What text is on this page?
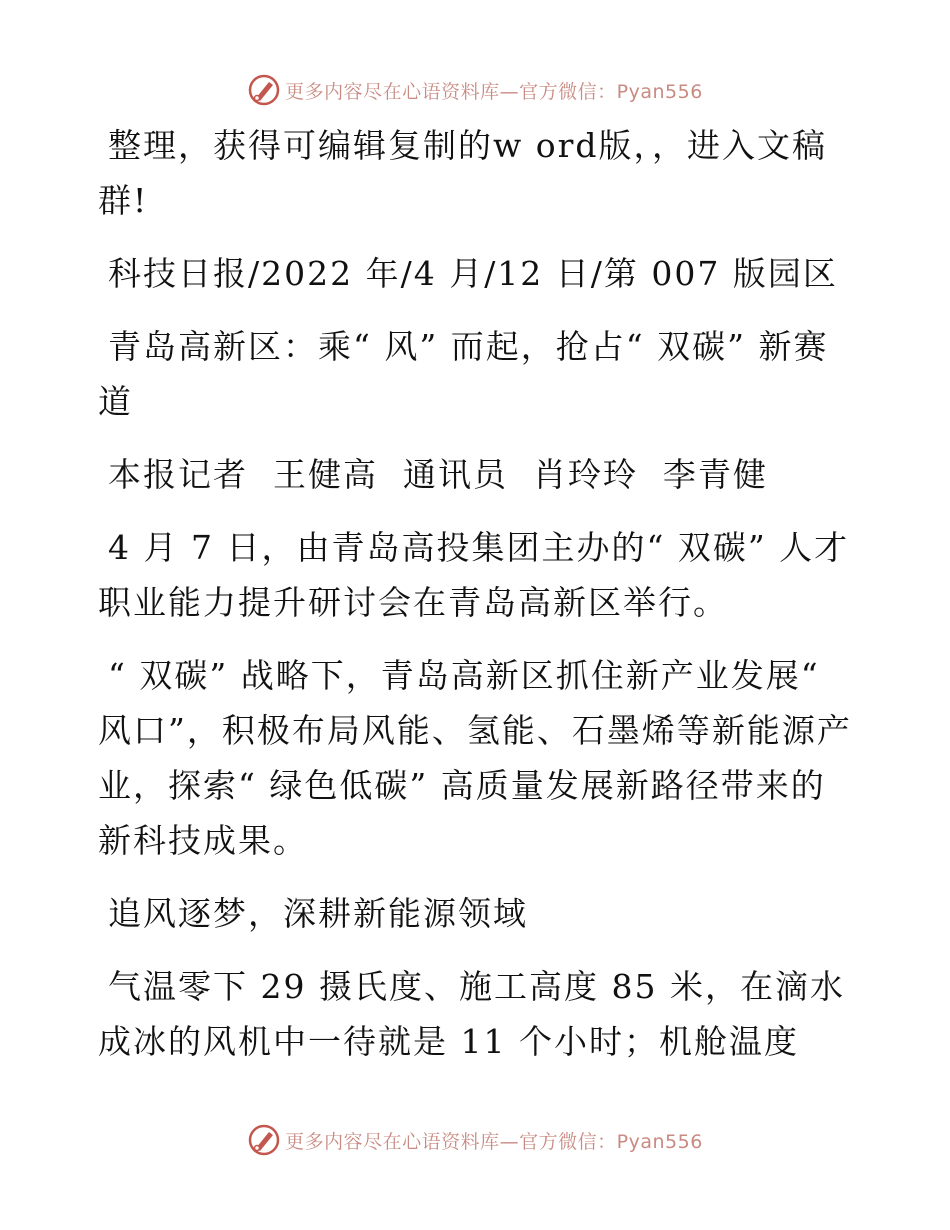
更多内容尽在心语资料库—官方微信：Pyan556

整理，获得可编辑复制的w ord版，，进入文稿群!

科技日报/2022 年/4 月/12 日/第 007 版园区

青岛高新区：乘“ 风” 而起，抢占“ 双碳” 新赛道

本报记者  王健高  通讯员  肖玲玲  李青健

4 月 7 日，由青岛高投集团主办的“ 双碳” 人才职业能力提升研讨会在青岛高新区举行。

“ 双碳” 战略下，青岛高新区抓住新产业发展“ 风口”，积极布局风能、氢能、石墨烯等新能源产业，探索“ 绿色低碳” 高质量发展新路径带来的新科技成果。

追风逐梦，深耕新能源领域

气温零下 29 摄氏度、施工高度 85 米，在滴水成冰的风机中一待就是 11 个小时；机舱温度

更多内容尽在心语资料库—官方微信：Pyan556
